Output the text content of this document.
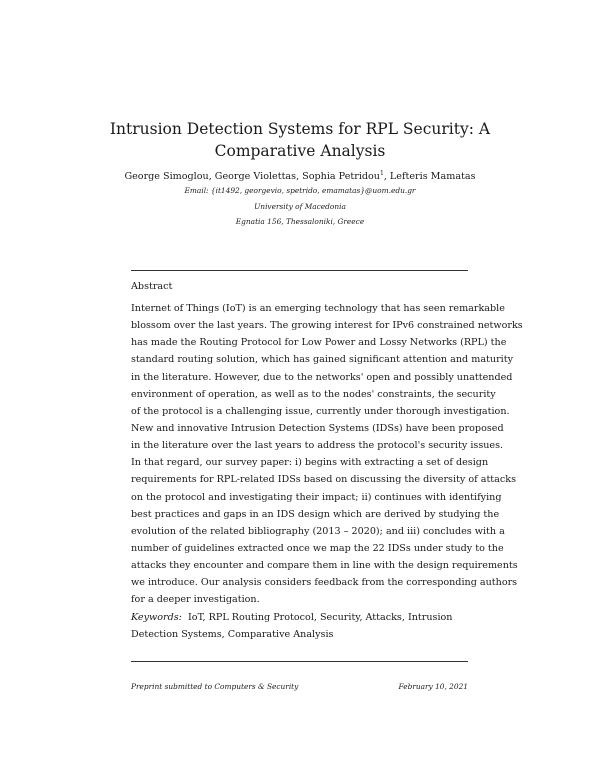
Intrusion Detection Systems for RPL Security: A
Comparative Analysis
George Simoglou, George Violettas, Sophia Petridou$^1$, Lefteris Mamatas
Email: {it1492, georgevio, spetrido, emamatas}@uom.edu.gr
University of Macedonia
Egnatia 156, Thessaloniki, Greece
Abstract
Internet of Things (IoT) is an emerging technology that has seen remarkable
blossom over the last years. The growing interest for IPv6 constrained networks
has made the Routing Protocol for Low Power and Lossy Networks (RPL) the
standard routing solution, which has gained significant attention and maturity
in the literature. However, due to the networks' open and possibly unattended
environment of operation, as well as to the nodes' constraints, the security
of the protocol is a challenging issue, currently under thorough investigation.
New and innovative Intrusion Detection Systems (IDSs) have been proposed
in the literature over the last years to address the protocol's security issues.
In that regard, our survey paper: i) begins with extracting a set of design
requirements for RPL-related IDSs based on discussing the diversity of attacks
on the protocol and investigating their impact; ii) continues with identifying
best practices and gaps in an IDS design which are derived by studying the
evolution of the related bibliography (2013 – 2020); and iii) concludes with a
number of guidelines extracted once we map the 22 IDSs under study to the
attacks they encounter and compare them in line with the design requirements
we introduce. Our analysis considers feedback from the corresponding authors
for a deeper investigation.
Keywords: IoT, RPL Routing Protocol, Security, Attacks, Intrusion
Detection Systems, Comparative Analysis
Preprint submitted to Computers & Security	February 10, 2021
